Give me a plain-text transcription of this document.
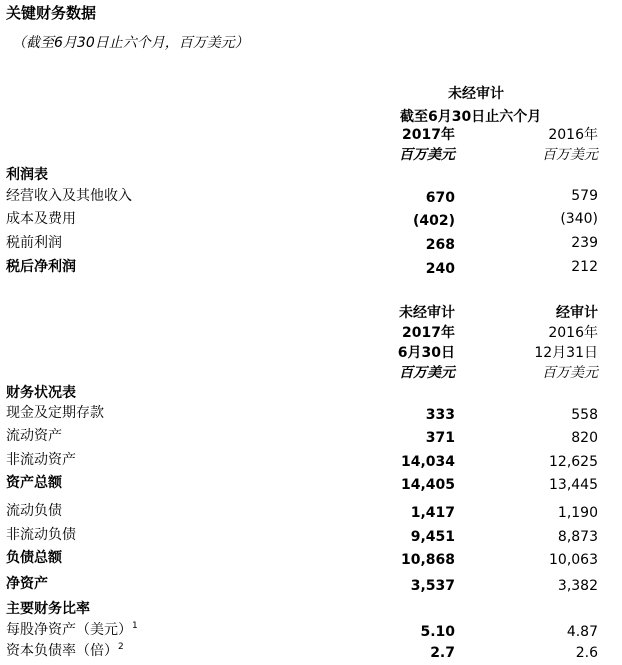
关键财务数据
（截至6月30日止六个月，百万美元）
未经审计
截至6月30日止六个月
2017年	2016年
百万美元	百万美元
利润表
经营收入及其他收入	670	579
成本及费用	(402)	(340)
税前利润	268	239
税后净利润	240	212
未经审计	经审计
2017年	2016年
6月30日	12月31日
百万美元	百万美元
财务状况表
现金及定期存款	333	558
流动资产	371	820
非流动资产	14,034	12,625
资产总额	14,405	13,445
流动负债	1,417	1,190
非流动负债	9,451	8,873
负债总额	10,868	10,063
净资产	3,537	3,382
主要财务比率
每股净资产（美元）$^1$	5.10	4.87
资本负债率（倍）$^2$	2.7	2.6
